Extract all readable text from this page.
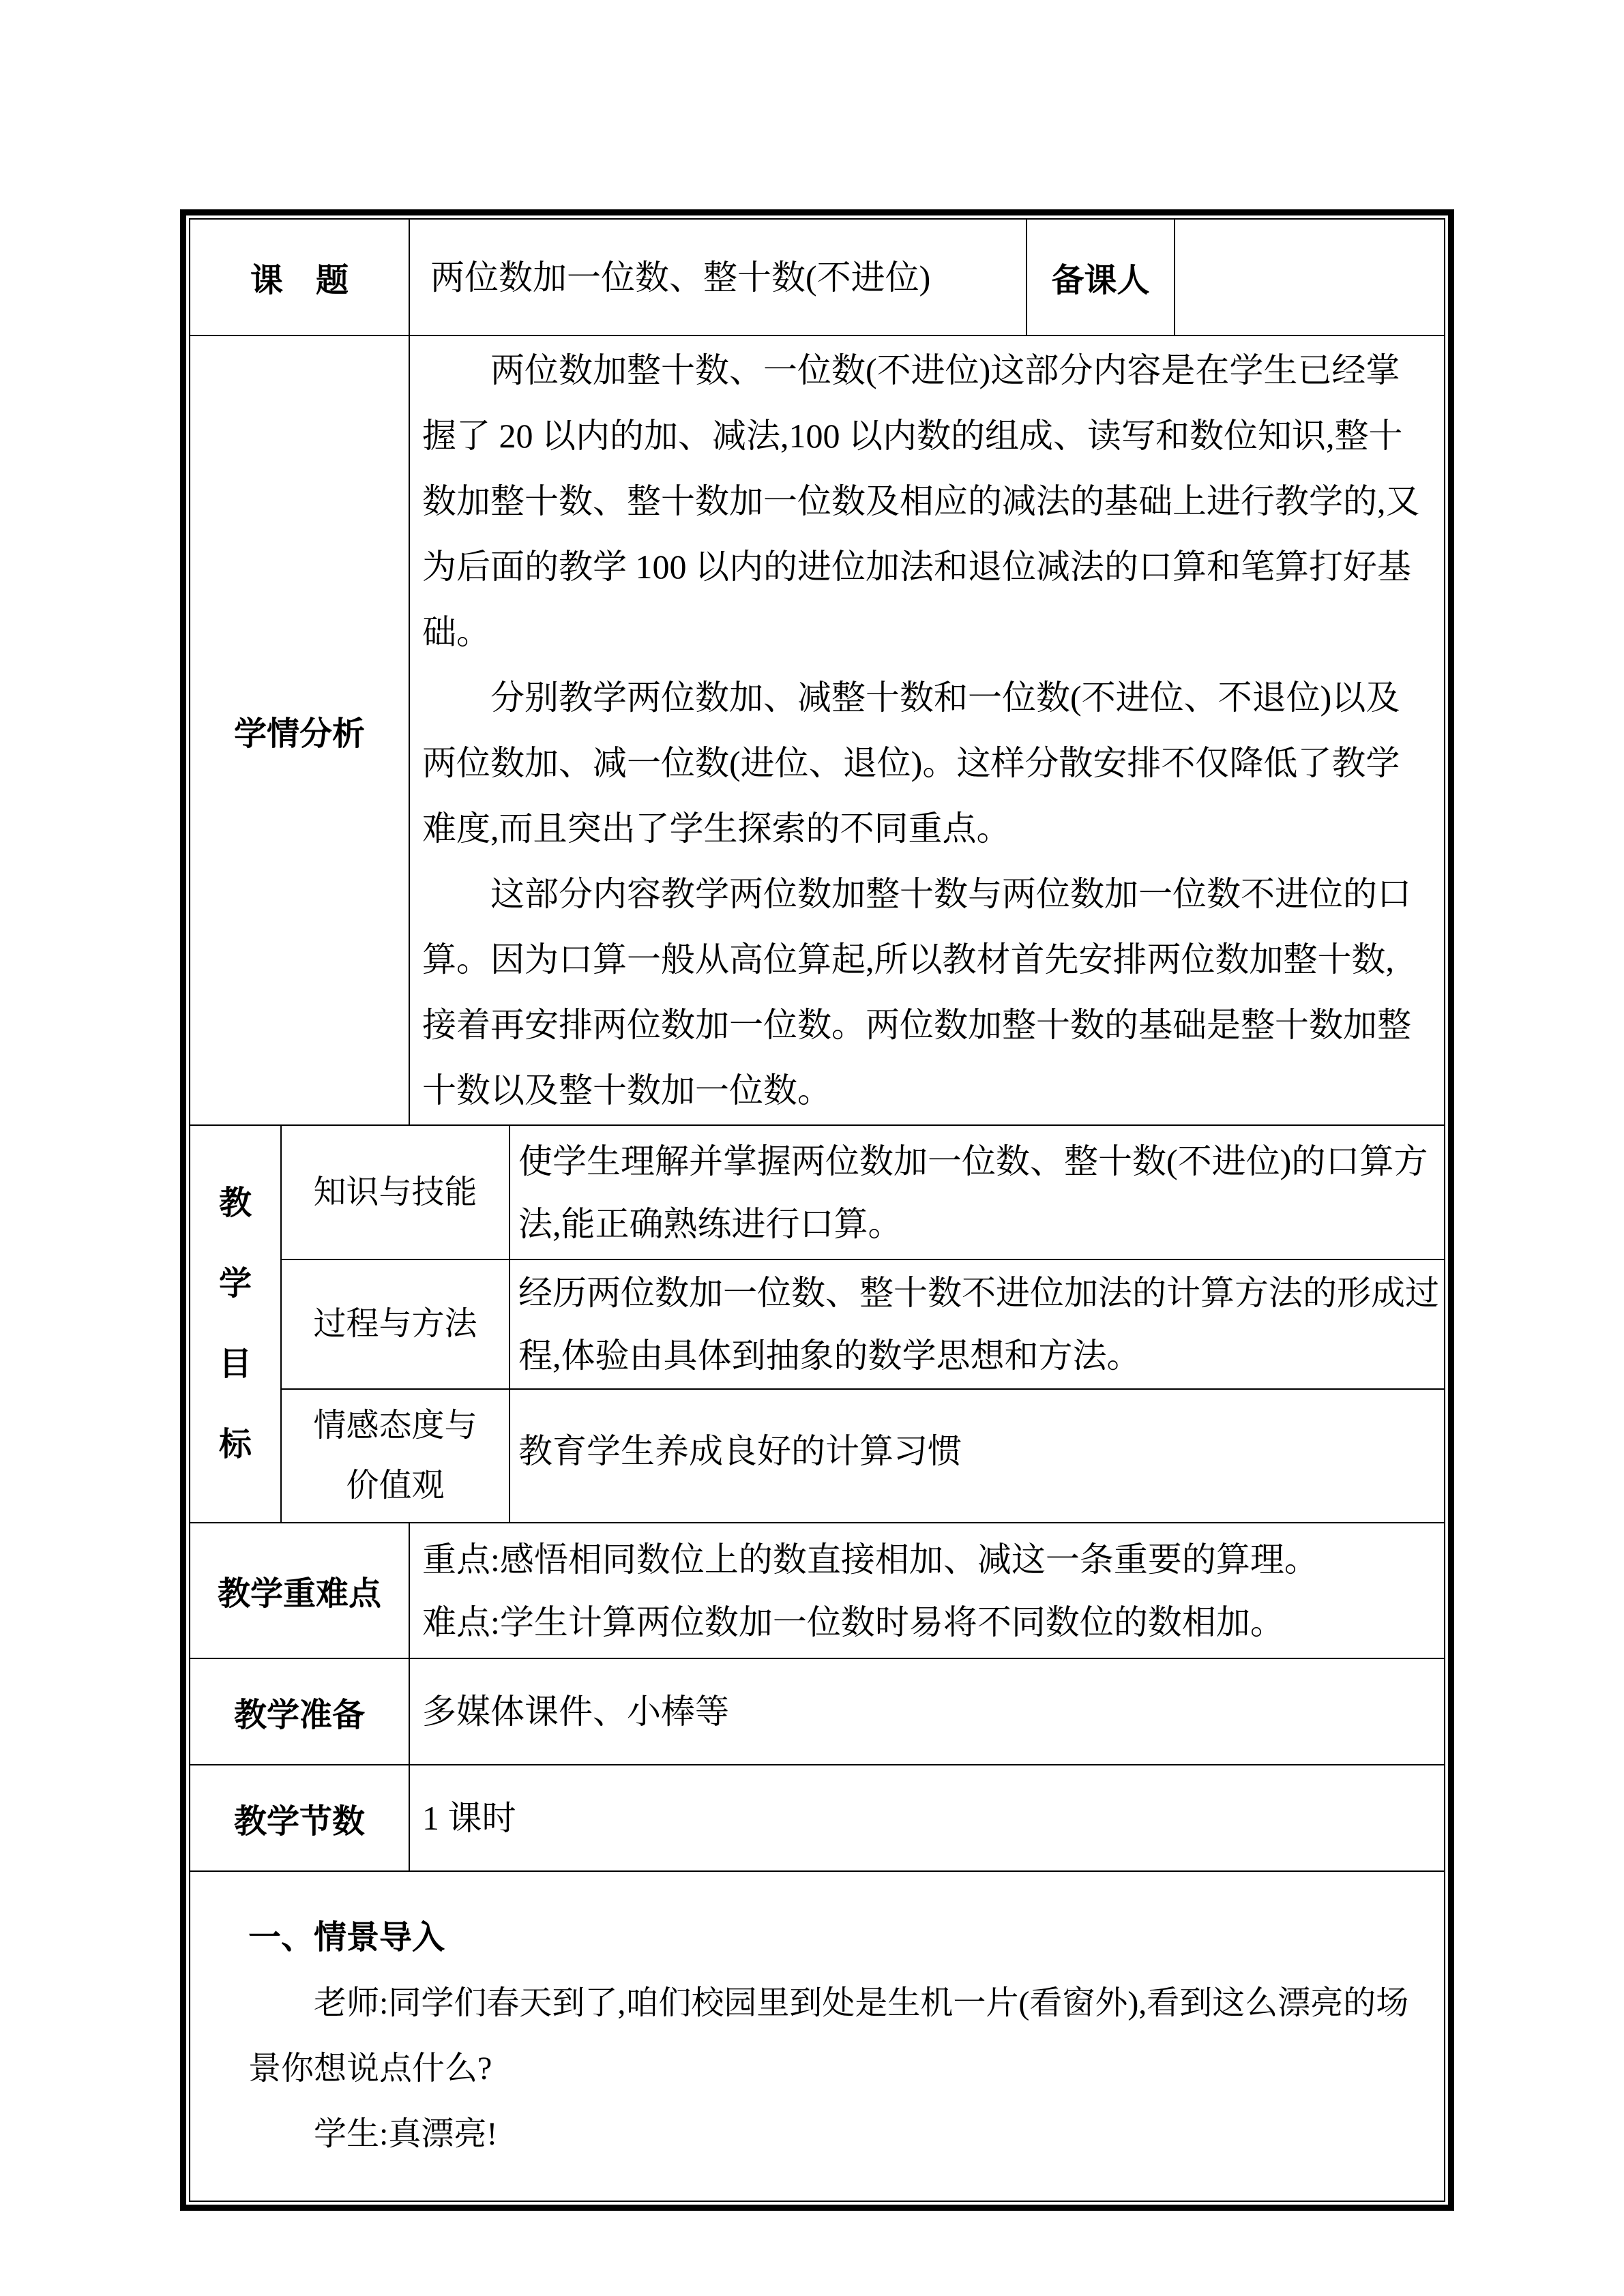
课　题		两位数加一位数、整十数(不进位)		备课人	
学情分析		两位数加整十数、一位数(不进位)这部分内容是在学生已经掌握了 20 以内的加、减法,100 以内数的组成、读写和数位知识,整十数加整十数、整十数加一位数及相应的减法的基础上进行教学的,又为后面的教学 100 以内的进位加法和退位减法的口算和笔算打好基础。

分别教学两位数加、减整十数和一位数(不进位、不退位)以及两位数加、减一位数(进位、退位)。这样分散安排不仅降低了教学难度,而且突出了学生探索的不同重点。

这部分内容教学两位数加整十数与两位数加一位数不进位的口算。因为口算一般从高位算起,所以教材首先安排两位数加整十数,接着再安排两位数加一位数。两位数加整十数的基础是整十数加整十数以及整十数加一位数。			

教
学
目
标	知识与技能		使学生理解并掌握两位数加一位数、整十数(不进位)的口算方法,能正确熟练进行口算。		
	过程与方法		经历两位数加一位数、整十数不进位加法的计算方法的形成过程,体验由具体到抽象的数学思想和方法。		
	情感态度与价值观		教育学生养成良好的计算习惯		
教学重难点		重点:感悟相同数位上的数直接相加、减这一条重要的算理。
难点:学生计算两位数加一位数时易将不同数位的数相加。			

教学准备		多媒体课件、小棒等			
教学节数		1 课时			

一、情景导入

老师:同学们春天到了,咱们校园里到处是生机一片(看窗外),看到这么漂亮的场景你想说点什么?

学生:真漂亮!					
